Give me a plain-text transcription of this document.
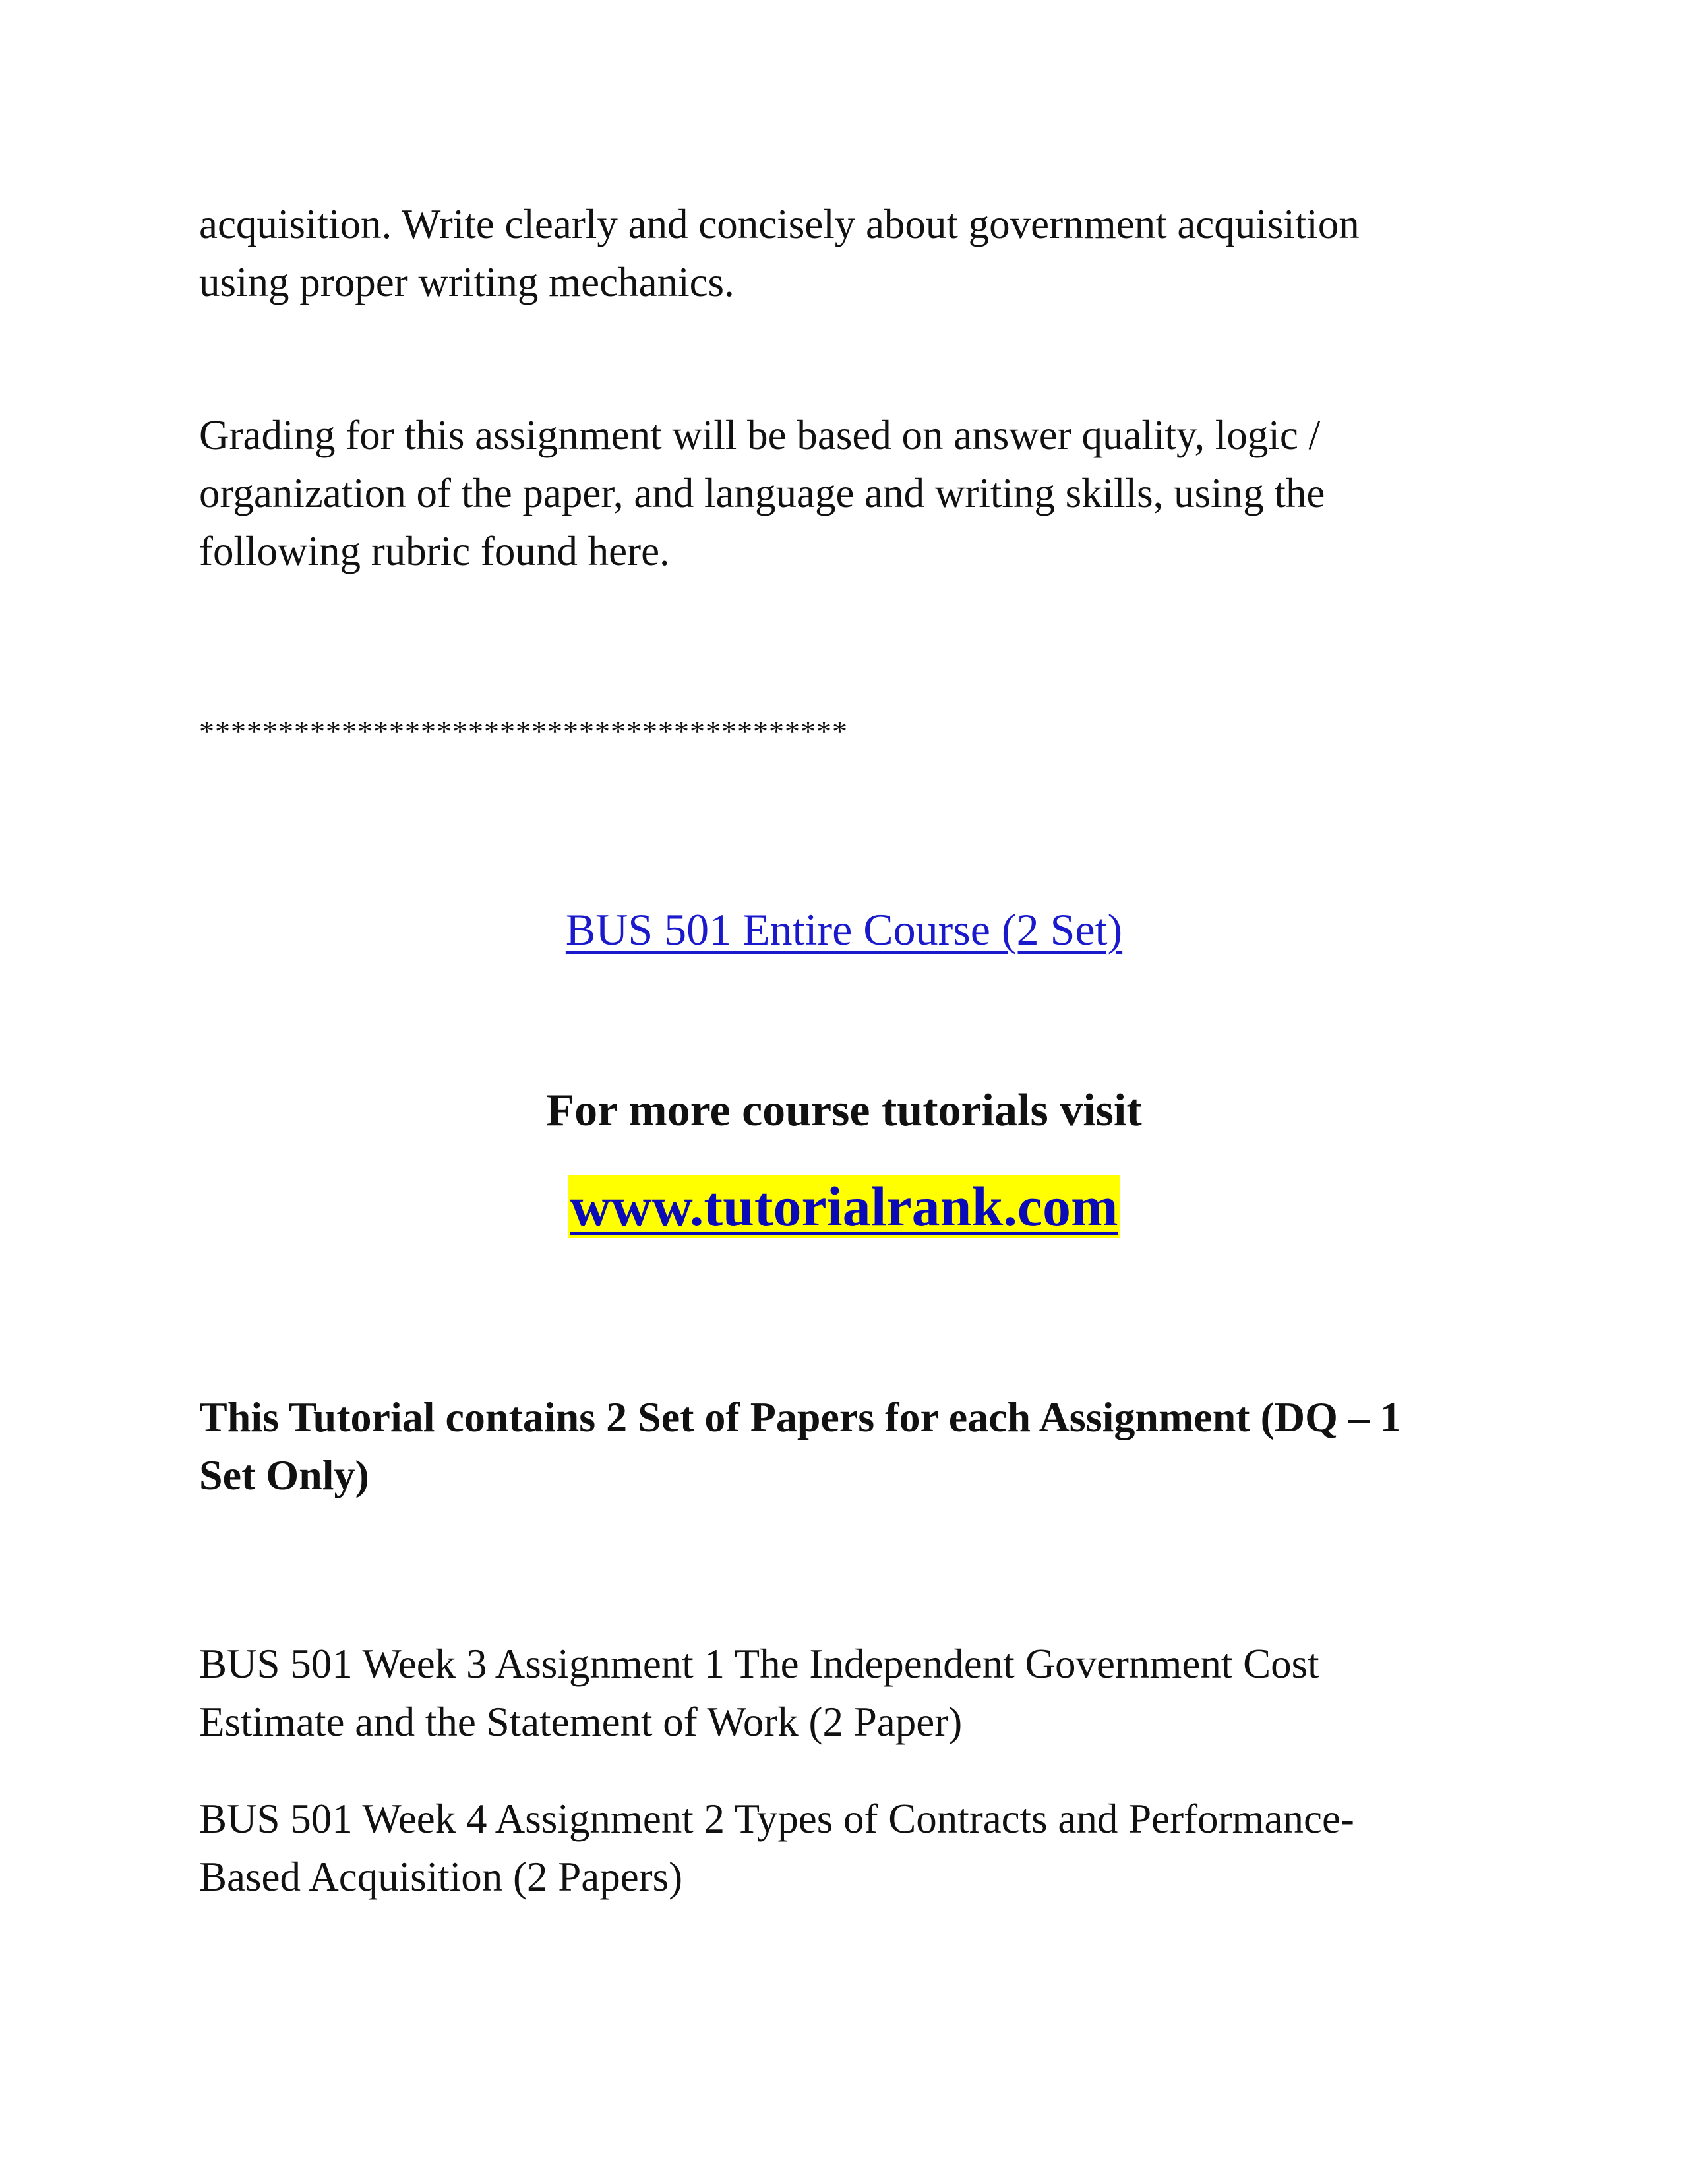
acquisition. Write clearly and concisely about government acquisition
using proper writing mechanics.

Grading for this assignment will be based on answer quality, logic /
organization of the paper, and language and writing skills, using the
following rubric found here.

*****************************************
BUS 501 Entire Course (2 Set)
For more course tutorials visit
www.tutorialrank.com

This Tutorial contains 2 Set of Papers for each Assignment (DQ – 1
Set Only)

BUS 501 Week 3 Assignment 1 The Independent Government Cost
Estimate and the Statement of Work (2 Paper)

BUS 501 Week 4 Assignment 2 Types of Contracts and Performance-
Based Acquisition (2 Papers)
